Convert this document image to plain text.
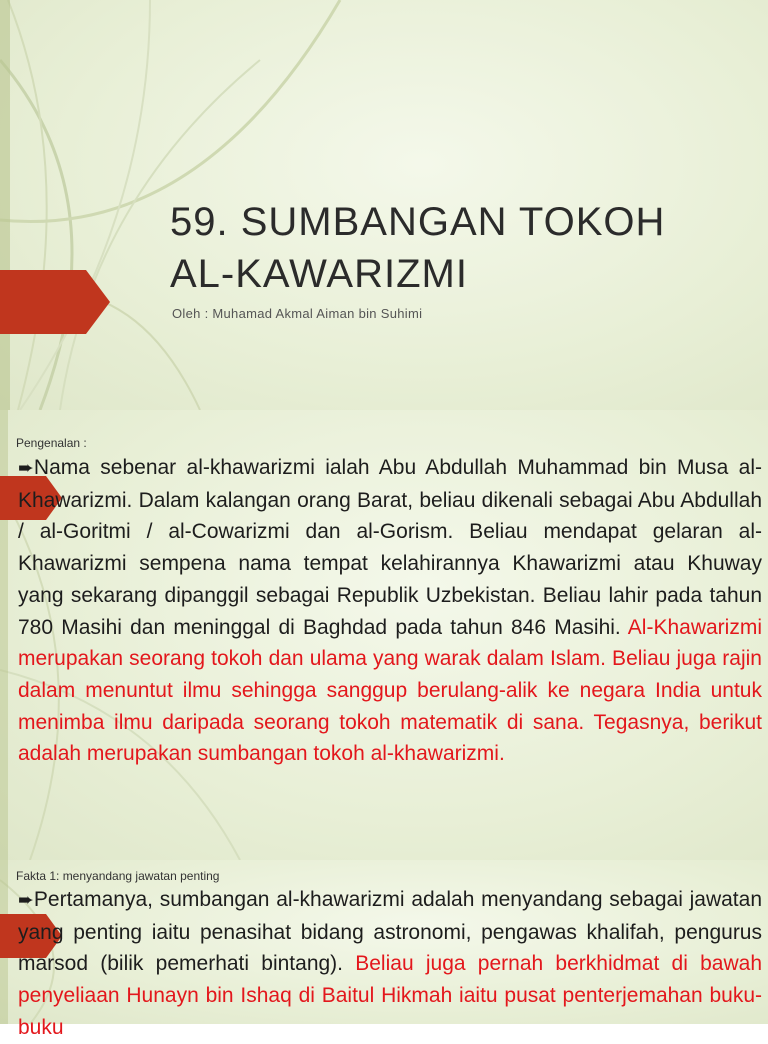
59. SUMBANGAN TOKOH
AL-KAWARIZMI
Oleh : Muhamad Akmal Aiman bin Suhimi
Pengenalan :
➨Nama sebenar al-khawarizmi ialah Abu Abdullah Muhammad bin Musa al-Khawarizmi. Dalam kalangan orang Barat, beliau dikenali sebagai Abu Abdullah / al-Goritmi / al-Cowarizmi dan al-Gorism. Beliau mendapat gelaran al-Khawarizmi sempena nama tempat kelahirannya Khawarizmi atau Khuway yang sekarang dipanggil sebagai Republik Uzbekistan. Beliau lahir pada tahun 780 Masihi dan meninggal di Baghdad pada tahun 846 Masihi. Al-Khawarizmi merupakan seorang tokoh dan ulama yang warak dalam Islam. Beliau juga rajin dalam menuntut ilmu sehingga sanggup berulang-alik ke negara India untuk menimba ilmu daripada seorang tokoh matematik di sana. Tegasnya, berikut adalah merupakan sumbangan tokoh al-khawarizmi.
Fakta 1: menyandang jawatan penting
➨Pertamanya, sumbangan al-khawarizmi adalah menyandang sebagai jawatan yang penting iaitu penasihat bidang astronomi, pengawas khalifah, pengurus marsod (bilik pemerhati bintang). Beliau juga pernah berkhidmat di bawah penyeliaan Hunayn bin Ishaq di Baitul Hikmah iaitu pusat penterjemahan buku-buku
